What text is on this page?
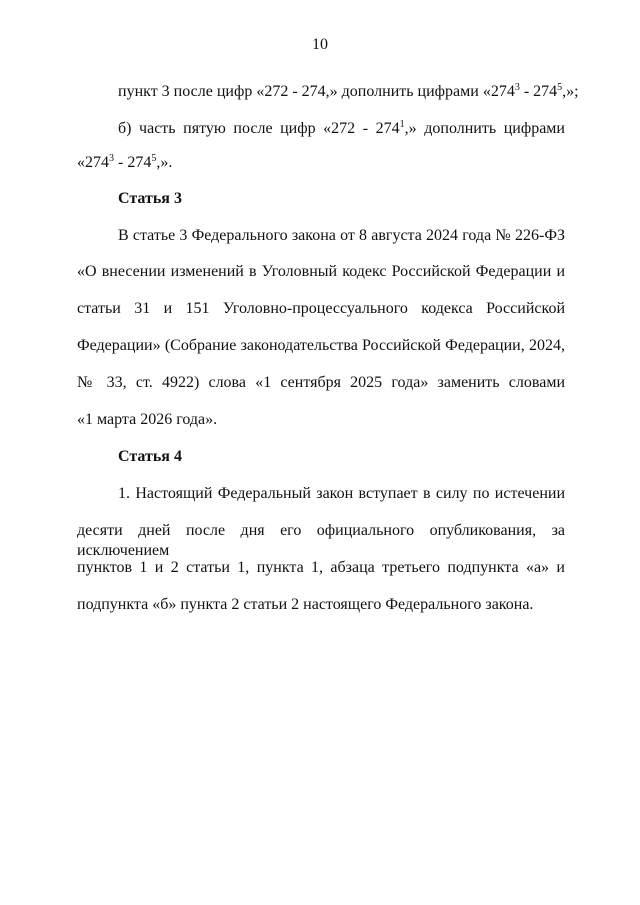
10
пункт 3 после цифр «272 - 274,» дополнить цифрами «$274^3 - 274^5$,»;
б) часть пятую после цифр «$272 - 274^1$,» дополнить цифрами
«$274^3 - 274^5$,».
Статья 3
В статье 3 Федерального закона от 8 августа 2024 года № 226-ФЗ
«О внесении изменений в Уголовный кодекс Российской Федерации и
статьи 31 и 151 Уголовно-процессуального кодекса Российской
Федерации» (Собрание законодательства Российской Федерации, 2024,
№ 33, ст. 4922) слова «1 сентября 2025 года» заменить словами
«1 марта 2026 года».
Статья 4
1. Настоящий Федеральный закон вступает в силу по истечении
десяти дней после дня его официального опубликования, за исключением
пунктов 1 и 2 статьи 1, пункта 1, абзаца третьего подпункта «а» и
подпункта «б» пункта 2 статьи 2 настоящего Федерального закона.
